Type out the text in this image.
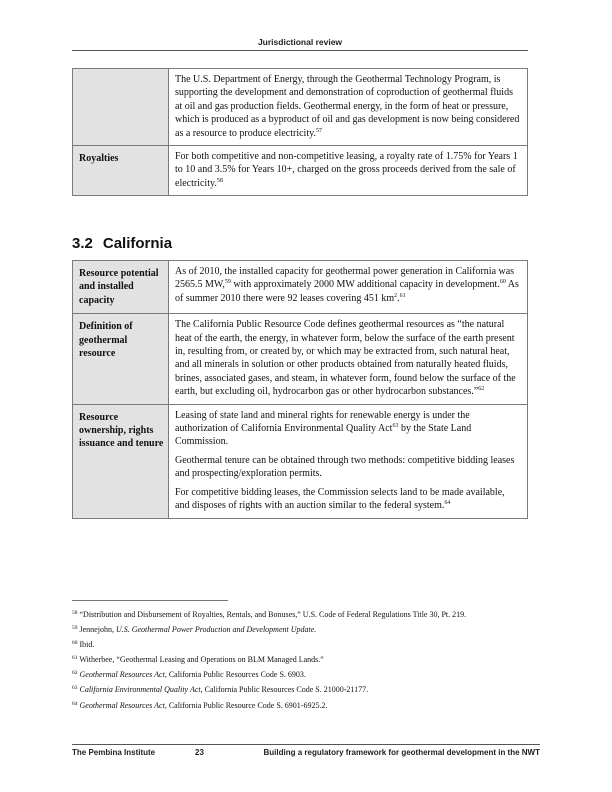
Jurisdictional review

	The U.S. Department of Energy, through the Geothermal Technology Program, is supporting the development and demonstration of coproduction of geothermal fluids at oil and gas production fields. Geothermal energy, in the form of heat or pressure, which is produced as a byproduct of oil and gas development is now being considered as a resource to produce electricity.$^{57}$

Royalties	For both competitive and non-competitive leasing, a royalty rate of 1.75% for Years 1 to 10 and 3.5% for Years 10+, charged on the gross proceeds derived from the sale of electricity.$^{58}$

3.2 California
Resource potential and installed capacity	As of 2010, the installed capacity for geothermal power generation in California was 2565.5 MW,$^{59}$ with approximately 2000 MW additional capacity in development.$^{60}$ As of summer 2010 there were 92 leases covering 451 $km^2.^{61}$

Definition of geothermal resource	The California Public Resource Code defines geothermal resources as “the natural heat of the earth, the energy, in whatever form, below the surface of the earth present in, resulting from, or created by, or which may be extracted from, such natural heat, and all minerals in solution or other products obtained from naturally heated fluids, brines, associated gases, and steam, in whatever form, found below the surface of the earth, but excluding oil, hydrocarbon gas or other hydrocarbon substances.”$^{62}$

Resource ownership, rights issuance and tenure	Leasing of state land and mineral rights for renewable energy is under the authorization of California Environmental Quality Act$^{63}$ by the State Land Commission.

Geothermal tenure can be obtained through two methods: competitive bidding leases and prospecting/exploration permits.

For competitive bidding leases, the Commission selects land to be made available, and disposes of rights with an auction similar to the federal system.$^{64}$

$^{58}$ “Distribution and Disbursement of Royalties, Rentals, and Bonuses,” U.S. Code of Federal Regulations Title 30, Pt. 219.

$^{59}$ Jennejohn, U.S. Geothermal Power Production and Development Update.

$^{60}$ Ibid.

$^{61}$ Witherbee, “Geothermal Leasing and Operations on BLM Managed Lands.”

$^{62}$ Geothermal Resources Act, California Public Resources Code S. 6903.

$^{63}$ California Environmental Quality Act, California Public Resources Code S. 21000-21177.

$^{64}$ Geothermal Resources Act, California Public Resource Code S. 6901-6925.2.

The Pembina Institute	23	Building a regulatory framework for geothermal development in the NWT
